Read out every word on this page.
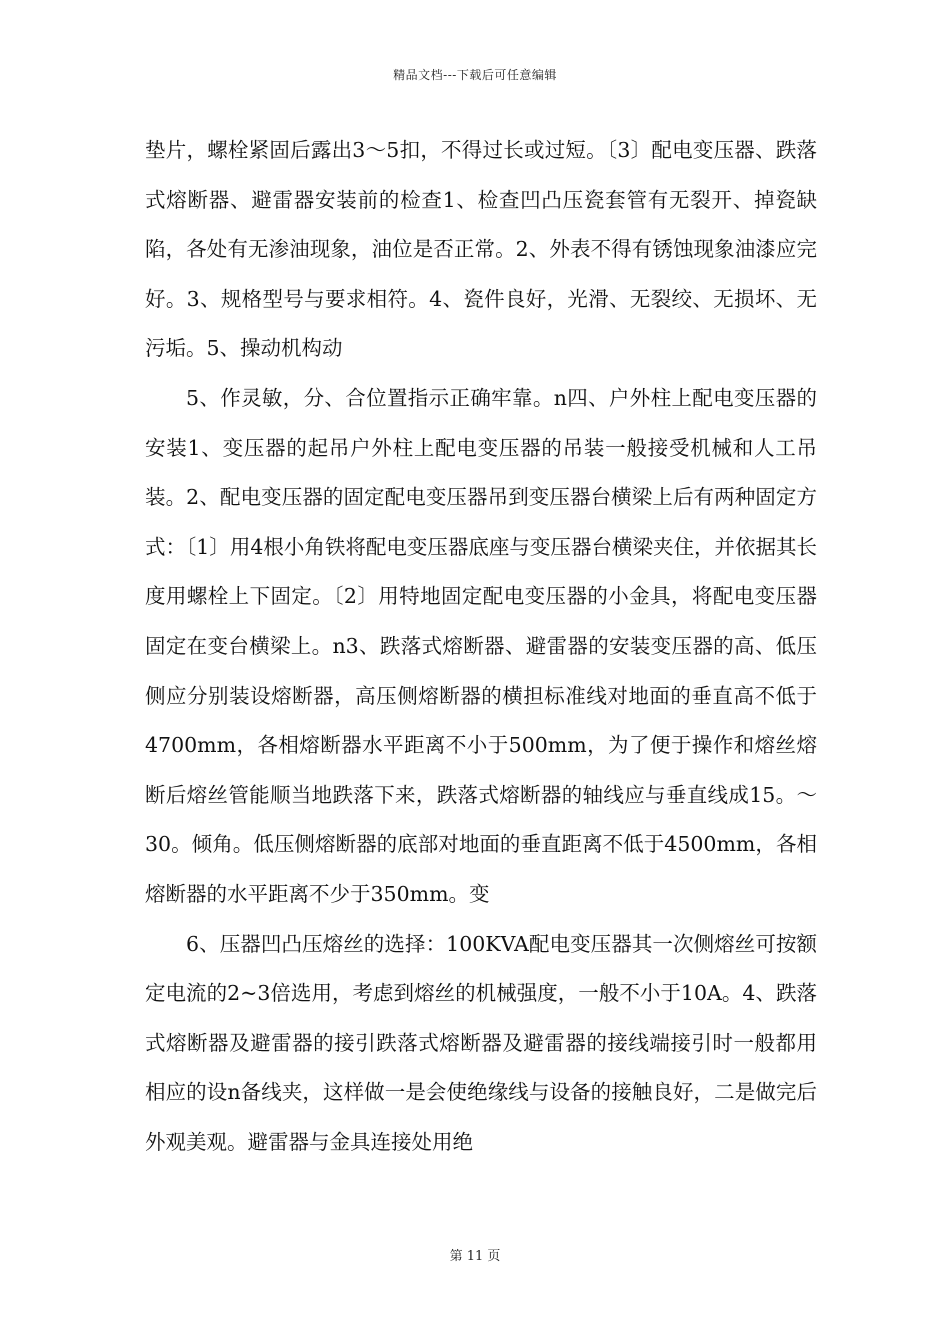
精品文档---下载后可任意编辑

垫片，螺栓紧固后露出3～5扣，不得过长或过短。〔3〕配电变压器、跌落式熔断器、避雷器安装前的检查1、检查凹凸压瓷套管有无裂开、掉瓷缺陷，各处有无渗油现象，油位是否正常。2、外表不得有锈蚀现象油漆应完好。3、规格型号与要求相符。4、瓷件良好，光滑、无裂绞、无损坏、无污垢。5、操动机构动

5、作灵敏，分、合位置指示正确牢靠。n四、户外柱上配电变压器的安装1、变压器的起吊户外柱上配电变压器的吊装一般接受机械和人工吊装。2、配电变压器的固定配电变压器吊到变压器台横梁上后有两种固定方式：〔1〕用4根小角铁将配电变压器底座与变压器台横梁夹住，并依据其长度用螺栓上下固定。〔2〕用特地固定配电变压器的小金具，将配电变压器固定在变台横梁上。n3、跌落式熔断器、避雷器的安装变压器的高、低压侧应分别装设熔断器，高压侧熔断器的横担标准线对地面的垂直高不低于4700mm，各相熔断器水平距离不小于500mm，为了便于操作和熔丝熔断后熔丝管能顺当地跌落下来，跌落式熔断器的轴线应与垂直线成15。～30。倾角。低压侧熔断器的底部对地面的垂直距离不低于4500mm，各相熔断器的水平距离不少于350mm。变

6、压器凹凸压熔丝的选择：100KVA配电变压器其一次侧熔丝可按额定电流的2~3倍选用，考虑到熔丝的机械强度，一般不小于10A。4、跌落式熔断器及避雷器的接引跌落式熔断器及避雷器的接线端接引时一般都用相应的设n备线夹，这样做一是会使绝缘线与设备的接触良好，二是做完后外观美观。避雷器与金具连接处用绝

第 11 页
